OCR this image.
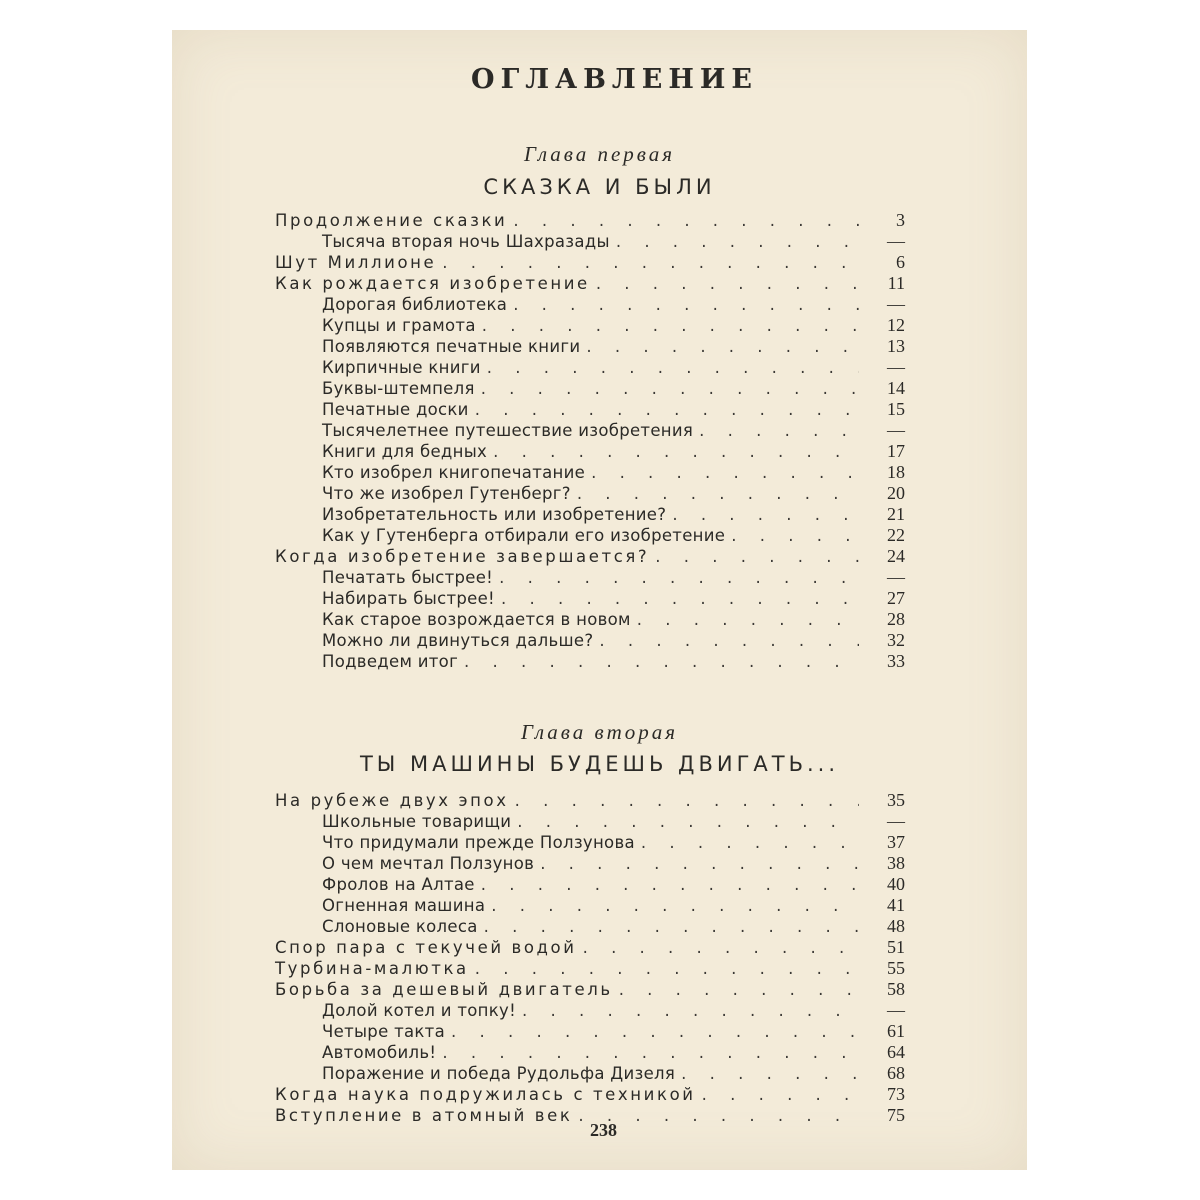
ОГЛАВЛЕНИЕ
Глава первая
СКАЗКА И БЫЛИ
Продолжение сказки . . .	3
Тысяча вторая ночь Шахразады . . .	—
Шут Миллионе . . .	6
Как рождается изобретение . . .	11
Дорогая библиотека . . .	—
Купцы и грамота . . .	12
Появляются печатные книги . . .	13
Кирпичные книги . . .	—
Буквы-штемпеля . . .	14
Печатные доски . . .	15
Тысячелетнее путешествие изобретения . . .	—
Книги для бедных . . .	17
Кто изобрел книгопечатание . . .	18
Что же изобрел Гутенберг? . . .	20
Изобретательность или изобретение? . . .	21
Как у Гутенберга отбирали его изобретение . . .	22
Когда изобретение завершается? . . .	24
Печатать быстрее! . . .	—
Набирать быстрее! . . .	27
Как старое возрождается в новом . . .	28
Можно ли двинуться дальше? . . .	32
Подведем итог . . .	33
Глава вторая
ТЫ МАШИНЫ БУДЕШЬ ДВИГАТЬ...
На рубеже двух эпох . . .	35
Школьные товарищи . . .	—
Что придумали прежде Ползунова . . .	37
О чем мечтал Ползунов . . .	38
Фролов на Алтае . . .	40
Огненная машина . . .	41
Слоновые колеса . . .	48
Спор пара с текучей водой . . .	51
Турбина-малютка . . .	55
Борьба за дешевый двигатель . . .	58
Долой котел и топку! . . .	—
Четыре такта . . .	61
Автомобиль! . . .	64
Поражение и победа Рудольфа Дизеля . . .	68
Когда наука подружилась с техникой . . .	73
Вступление в атомный век . . .	75
238
